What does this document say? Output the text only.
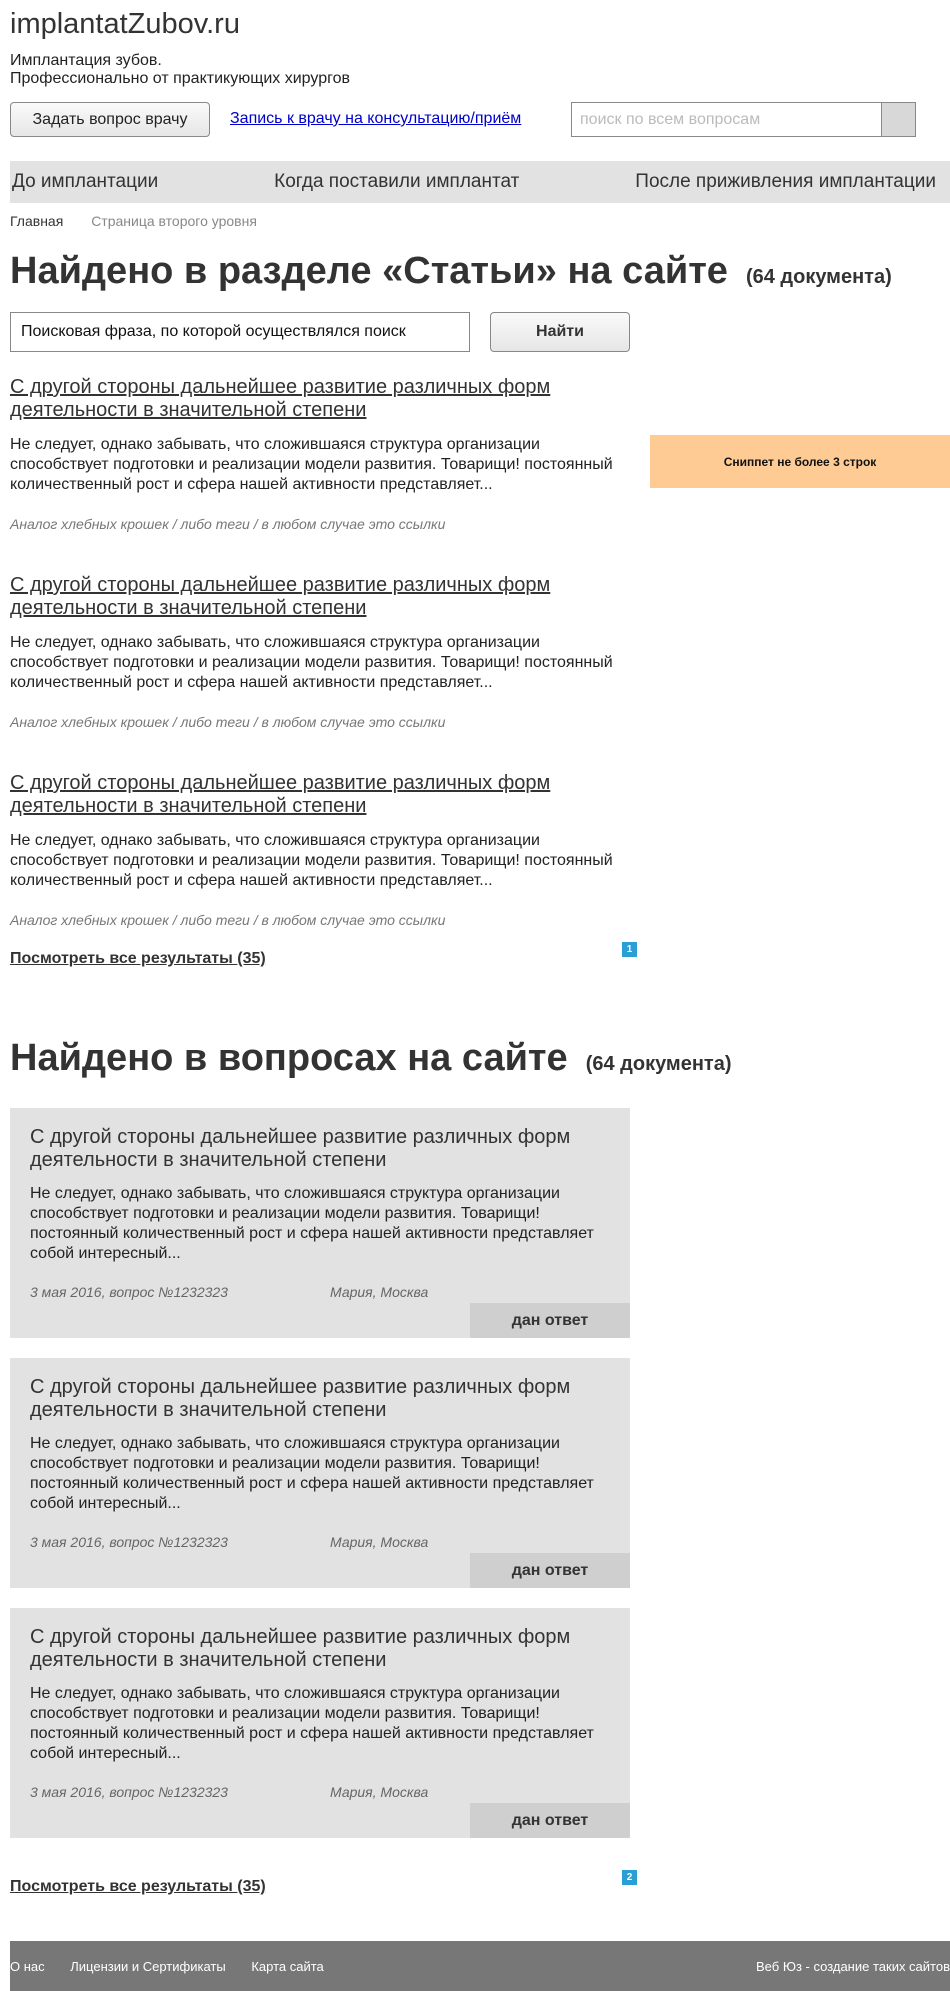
implantatZubov.ru
Имплантация зубов.
Профессионально от практикующих хирургов
Задать вопрос врачу	Запись к врачу на консультацию/приём
поиск по всем вопросам
До имплантации	Когда поставили имплантат	После приживления имплантации
Главная Страница второго уровня
Найдено в разделе «Статьи» на сайте (64 документа)
Поисковая фраза, по которой осуществлялся поиск	Найти
С другой стороны дальнейшее развитие различных форм деятельности в значительной степени
Не следует, однако забывать, что сложившаяся структура организации способствует подготовки и реализации модели развития. Товарищи! постоянный количественный рост и сфера нашей активности представляет...
Аналог хлебных крошек / либо теги / в любом случае это ссылки
Сниппет не более 3 строк
С другой стороны дальнейшее развитие различных форм деятельности в значительной степени
Не следует, однако забывать, что сложившаяся структура организации способствует подготовки и реализации модели развития. Товарищи! постоянный количественный рост и сфера нашей активности представляет...
Аналог хлебных крошек / либо теги / в любом случае это ссылки
С другой стороны дальнейшее развитие различных форм деятельности в значительной степени
Не следует, однако забывать, что сложившаяся структура организации способствует подготовки и реализации модели развития. Товарищи! постоянный количественный рост и сфера нашей активности представляет...
Аналог хлебных крошек / либо теги / в любом случае это ссылки
Посмотреть все результаты (35)
1
Найдено в вопросах на сайте (64 документа)
С другой стороны дальнейшее развитие различных форм деятельности в значительной степени
Не следует, однако забывать, что сложившаяся структура организации способствует подготовки и реализации модели развития. Товарищи! постоянный количественный рост и сфера нашей активности представляет собой интересный...
3 мая 2016, вопрос №1232323	Мария, Москва
дан ответ
С другой стороны дальнейшее развитие различных форм деятельности в значительной степени
Не следует, однако забывать, что сложившаяся структура организации способствует подготовки и реализации модели развития. Товарищи! постоянный количественный рост и сфера нашей активности представляет собой интересный...
3 мая 2016, вопрос №1232323	Мария, Москва
дан ответ
С другой стороны дальнейшее развитие различных форм деятельности в значительной степени
Не следует, однако забывать, что сложившаяся структура организации способствует подготовки и реализации модели развития. Товарищи! постоянный количественный рост и сфера нашей активности представляет собой интересный...
3 мая 2016, вопрос №1232323	Мария, Москва
дан ответ
Посмотреть все результаты (35)
2
О нас Лицензии и Сертификаты Карта сайта	Веб Юз - создание таких сайтов
